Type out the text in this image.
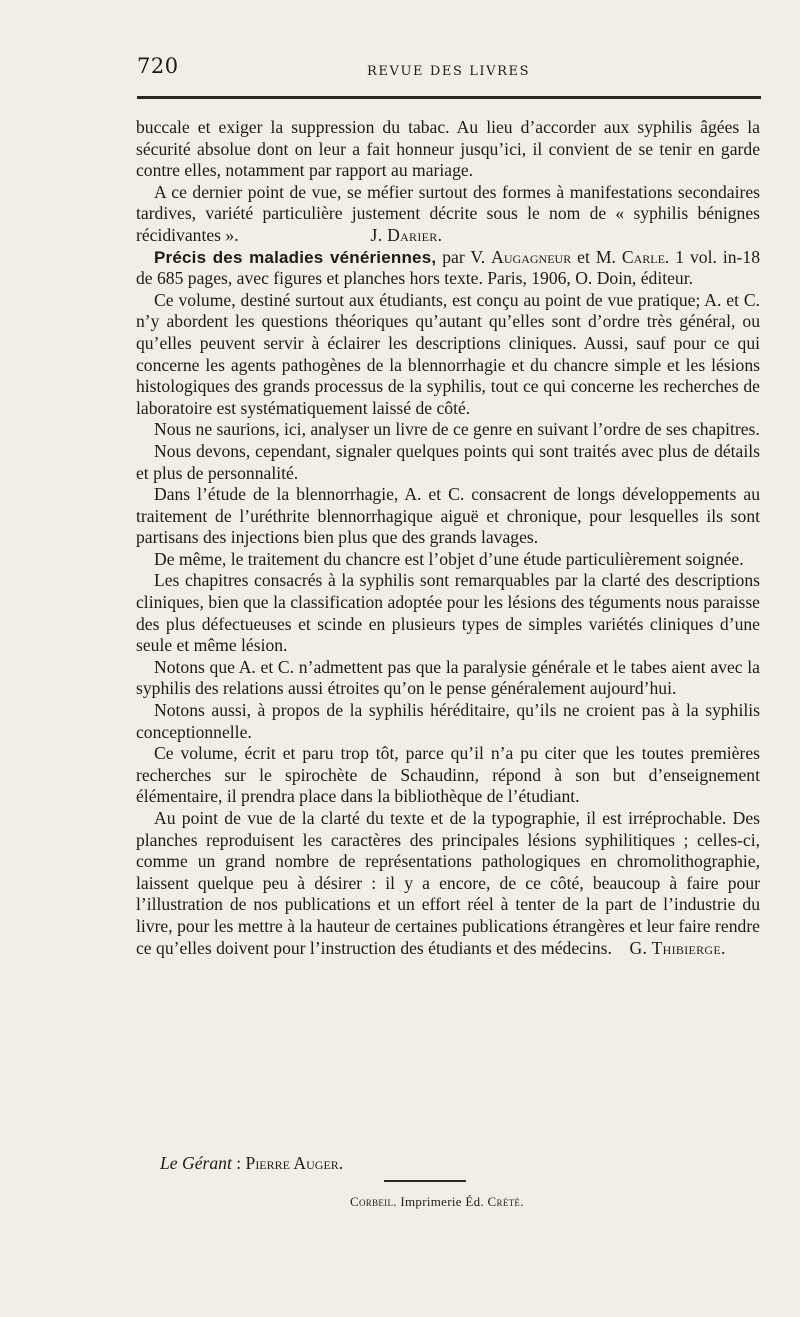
720	REVUE DES LIVRES

buccale et exiger la suppression du tabac. Au lieu d’accorder aux syphilis âgées la sécurité absolue dont on leur a fait honneur jusqu’ici, il convient de se tenir en garde contre elles, notamment par rapport au mariage.

A ce dernier point de vue, se méfier surtout des formes à manifestations secondaires tardives, variété particulière justement décrite sous le nom de « syphilis bénignes récidivantes ».	J. Darier.

Précis des maladies vénériennes, par V. Augagneur et M. Carle. 1 vol. in-18 de 685 pages, avec figures et planches hors texte. Paris, 1906, O. Doin, éditeur.

Ce volume, destiné surtout aux étudiants, est conçu au point de vue pratique; A. et C. n’y abordent les questions théoriques qu’autant qu’elles sont d’ordre très général, ou qu’elles peuvent servir à éclairer les descriptions cliniques. Aussi, sauf pour ce qui concerne les agents pathogènes de la blennorrhagie et du chancre simple et les lésions histologiques des grands processus de la syphilis, tout ce qui concerne les recherches de laboratoire est systématiquement laissé de côté.

Nous ne saurions, ici, analyser un livre de ce genre en suivant l’ordre de ses chapitres.

Nous devons, cependant, signaler quelques points qui sont traités avec plus de détails et plus de personnalité.

Dans l’étude de la blennorrhagie, A. et C. consacrent de longs développements au traitement de l’uréthrite blennorrhagique aiguë et chronique, pour lesquelles ils sont partisans des injections bien plus que des grands lavages.

De même, le traitement du chancre est l’objet d’une étude particulièrement soignée.

Les chapitres consacrés à la syphilis sont remarquables par la clarté des descriptions cliniques, bien que la classification adoptée pour les lésions des téguments nous paraisse des plus défectueuses et scinde en plusieurs types de simples variétés cliniques d’une seule et même lésion.

Notons que A. et C. n’admettent pas que la paralysie générale et le tabes aient avec la syphilis des relations aussi étroites qu’on le pense généralement aujourd’hui.

Notons aussi, à propos de la syphilis héréditaire, qu’ils ne croient pas à la syphilis conceptionnelle.

Ce volume, écrit et paru trop tôt, parce qu’il n’a pu citer que les toutes premières recherches sur le spirochète de Schaudinn, répond à son but d’enseignement élémentaire, il prendra place dans la bibliothèque de l’étudiant.

Au point de vue de la clarté du texte et de la typographie, il est irréprochable. Des planches reproduisent les caractères des principales lésions syphilitiques ; celles-ci, comme un grand nombre de représentations pathologiques en chromolithographie, laissent quelque peu à désirer : il y a encore, de ce côté, beaucoup à faire pour l’illustration de nos publications et un effort réel à tenter de la part de l’industrie du livre, pour les mettre à la hauteur de certaines publications étrangères et leur faire rendre ce qu’elles doivent pour l’instruction des étudiants et des médecins. G. Thibierge.

Le Gérant : Pierre Auger.
Corbeil. Imprimerie Éd. Crété.
